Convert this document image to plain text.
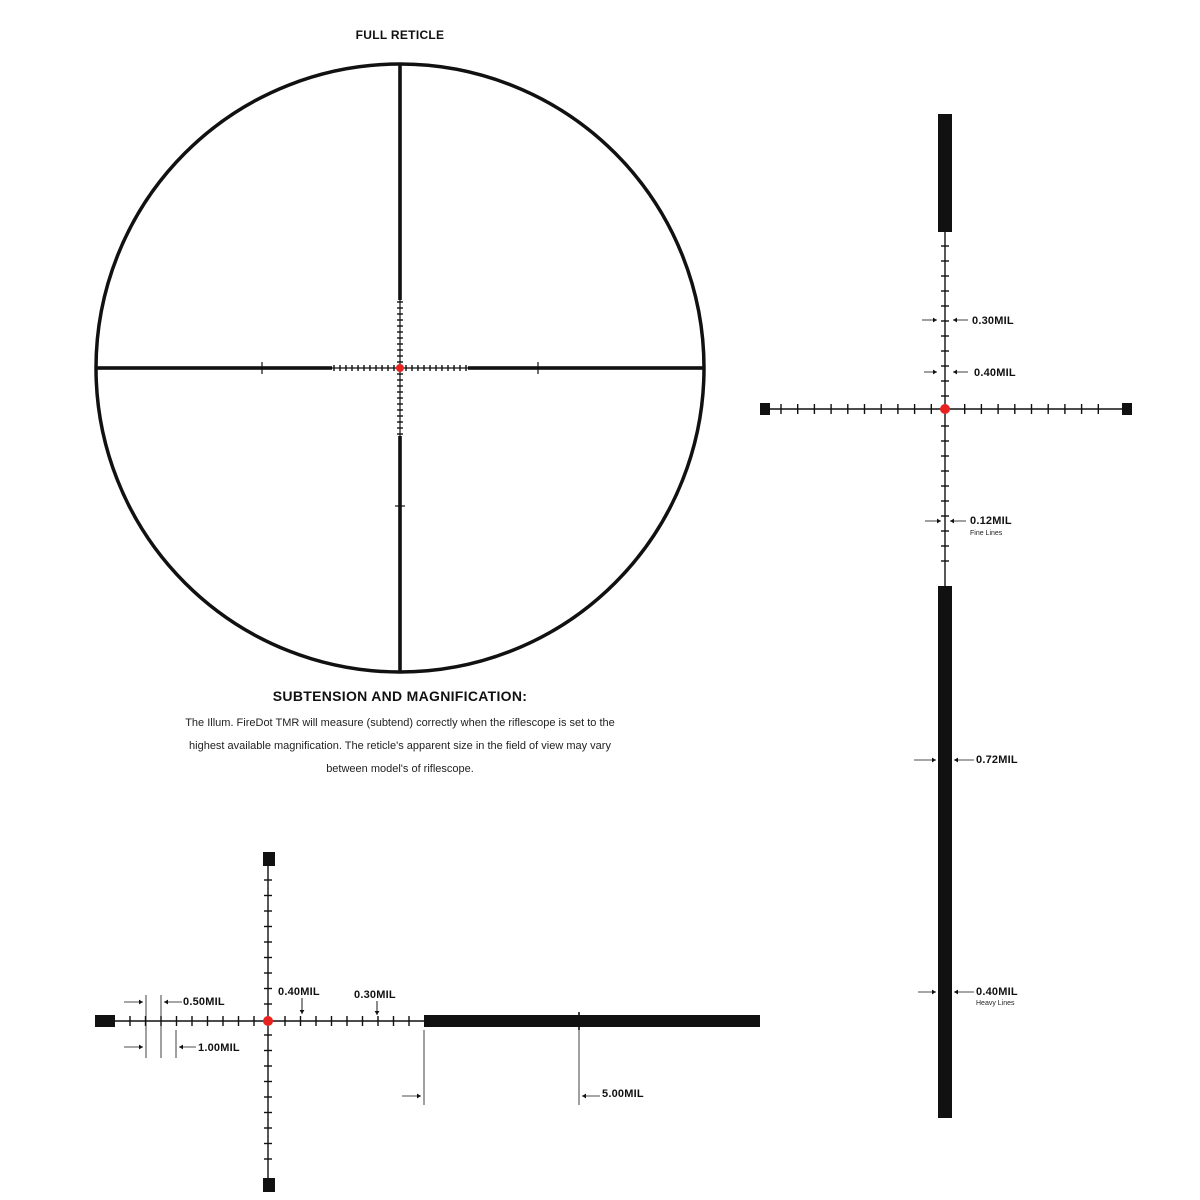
FULL RETICLE
SUBTENSION AND MAGNIFICATION:
The Illum. FireDot TMR will measure (subtend) correctly when the riflescope is set to the highest available magnification. The reticle's apparent size in the field of view may vary between model's of riflescope.
0.30MIL
0.40MIL
0.12MIL
Fine Lines
0.72MIL
0.40MIL
Heavy Lines
0.50MIL
1.00MIL
0.40MIL	0.30MIL
5.00MIL
